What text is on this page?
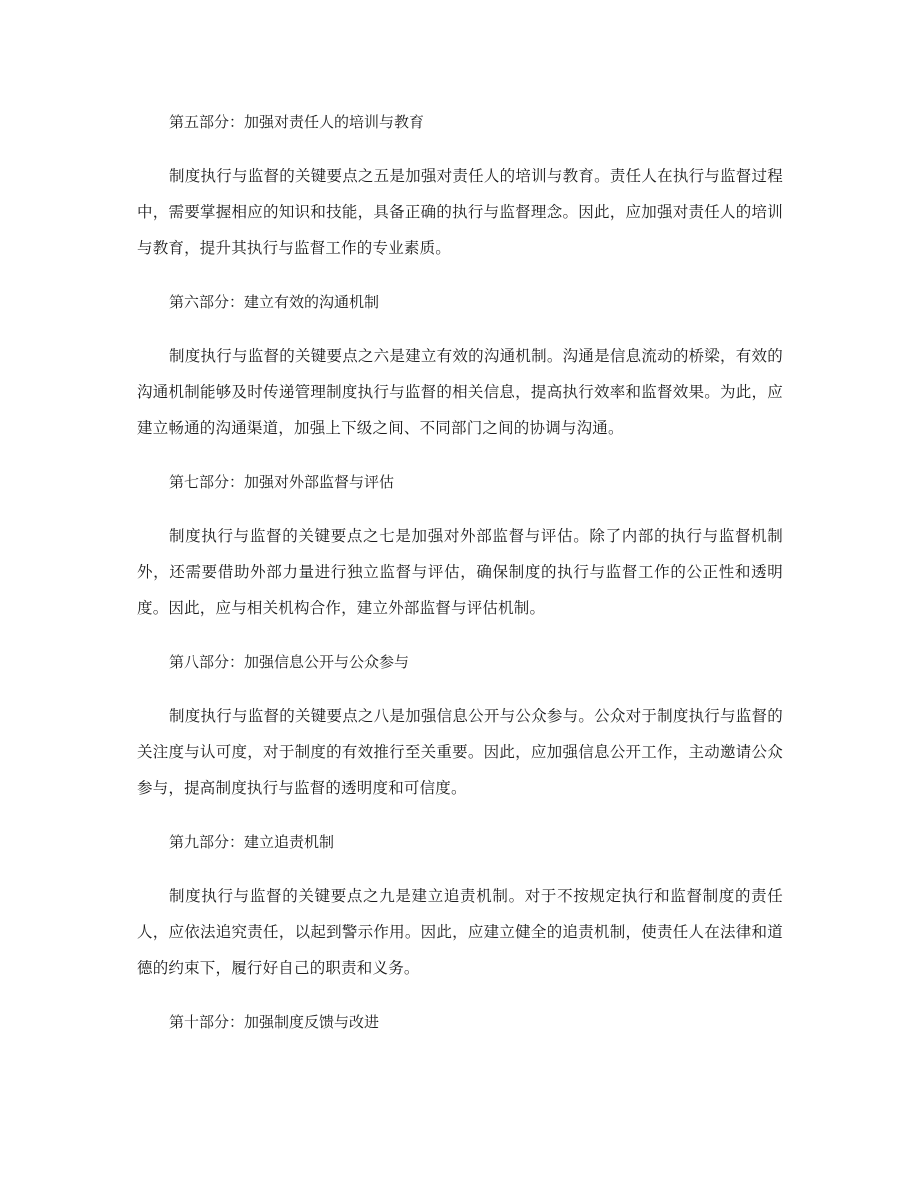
第五部分：加强对责任人的培训与教育

制度执行与监督的关键要点之五是加强对责任人的培训与教育。责任人在执行与监督过程中，需要掌握相应的知识和技能，具备正确的执行与监督理念。因此，应加强对责任人的培训与教育，提升其执行与监督工作的专业素质。

第六部分：建立有效的沟通机制

制度执行与监督的关键要点之六是建立有效的沟通机制。沟通是信息流动的桥梁，有效的沟通机制能够及时传递管理制度执行与监督的相关信息，提高执行效率和监督效果。为此，应建立畅通的沟通渠道，加强上下级之间、不同部门之间的协调与沟通。

第七部分：加强对外部监督与评估

制度执行与监督的关键要点之七是加强对外部监督与评估。除了内部的执行与监督机制外，还需要借助外部力量进行独立监督与评估，确保制度的执行与监督工作的公正性和透明度。因此，应与相关机构合作，建立外部监督与评估机制。

第八部分：加强信息公开与公众参与

制度执行与监督的关键要点之八是加强信息公开与公众参与。公众对于制度执行与监督的关注度与认可度，对于制度的有效推行至关重要。因此，应加强信息公开工作，主动邀请公众参与，提高制度执行与监督的透明度和可信度。

第九部分：建立追责机制

制度执行与监督的关键要点之九是建立追责机制。对于不按规定执行和监督制度的责任人，应依法追究责任，以起到警示作用。因此，应建立健全的追责机制，使责任人在法律和道德的约束下，履行好自己的职责和义务。

第十部分：加强制度反馈与改进
